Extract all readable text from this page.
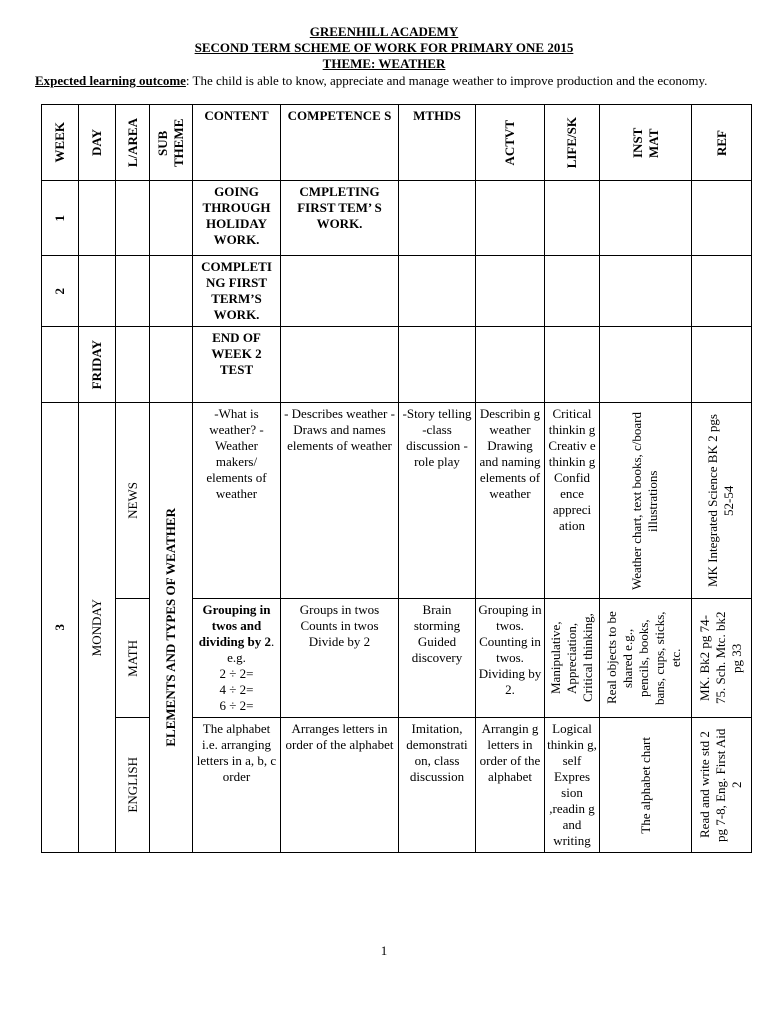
GREENHILL ACADEMY
SECOND TERM SCHEME OF WORK FOR PRIMARY ONE 2015
THEME: WEATHER
Expected learning outcome: The child is able to know, appreciate and manage weather to improve production and the economy.
WEEK	DAY	L/AREA	SUB THEME	CONTENT	COMPETENCE S	MTHDS	ACTVT	LIFE/SK	INST MAT	REF

1				GOING THROUGH HOLIDAY WORK.	CMPLETING FIRST TEM’ S WORK.					

2				COMPLETI NG FIRST TERM’S WORK.						

	FRIDAY			END OF WEEK 2 TEST						

3	MONDAY	NEWS	ELEMENTS AND TYPES OF WEATHER	-What is weather? -Weather makers/ elements of weather	- Describes weather -Draws and names elements of weather	-Story telling -class discussion -role play	Describin g weather Drawing and naming elements of weather	Critical thinkin g Creativ e thinkin g Confid ence appreci ation	Weather chart, text books, c/board illustrations	MK Integrated Science BK 2 pgs 52-54

		MATH		Grouping in twos and dividing by 2. e.g.
2 ÷ 2=
4 ÷ 2=
6 ÷ 2=	Groups in twos Counts in twos Divide by 2	Brain storming Guided discovery	Grouping in twos. Counting in twos. Dividing by 2.	Manipulative, Appreciation, Critical thinking,	Real objects to be shared e.g., pencils, books, bans, cups, sticks, etc.	MK. Bk2 pg 74-75. Sch. Mtc. bk2 pg 33

		ENGLISH		The alphabet i.e. arranging letters in a, b, c order	Arranges letters in order of the alphabet	Imitation, demonstrati on, class discussion	Arrangin g letters in order of the alphabet	Logical thinkin g, self Expres sion ,readin g and writing	The alphabet chart	Read and write std 2 pg 7-8, Eng. First Aid 2
1
